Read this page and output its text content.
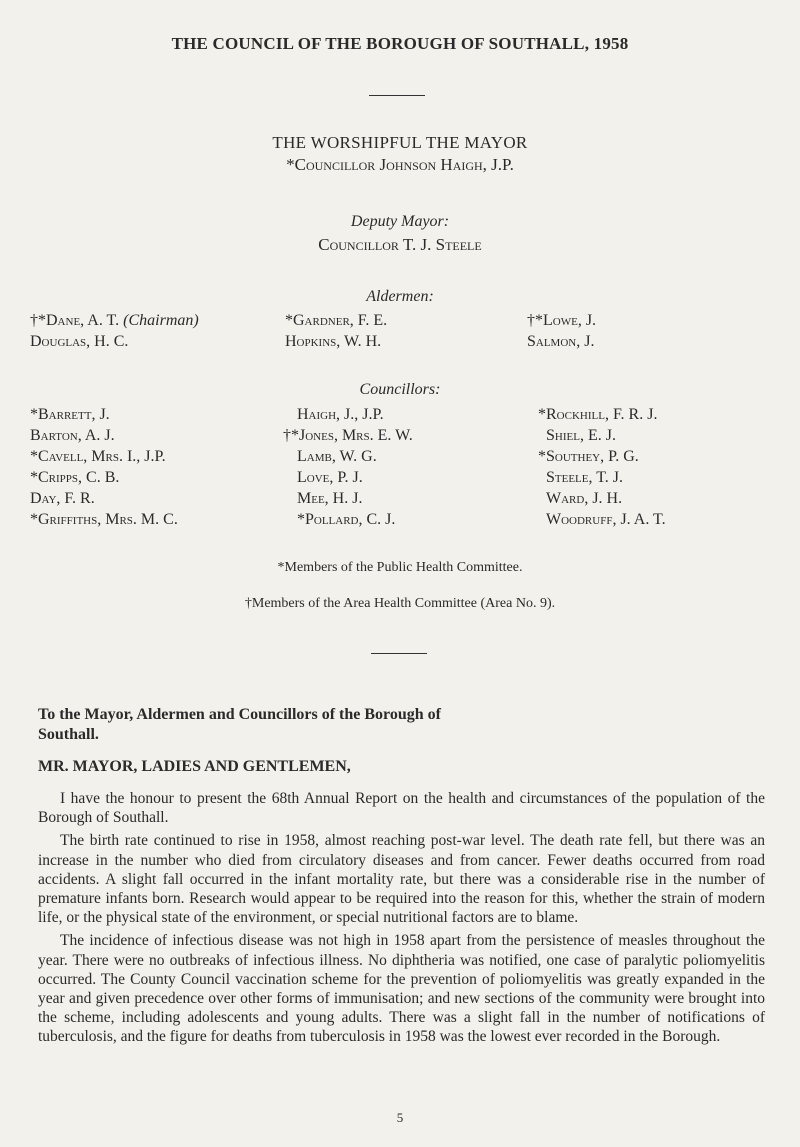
THE COUNCIL OF THE BOROUGH OF SOUTHALL, 1958
THE WORSHIPFUL THE MAYOR
*Councillor Johnson Haigh, J.P.
Deputy Mayor:
Councillor T. J. Steele
Aldermen:
†*Dane, A. T. (Chairman)
Douglas, H. C.
*Gardner, F. E.
Hopkins, W. H.
†*Lowe, J.
Salmon, J.
Councillors:
*Barrett, J.
Barton, A. J.
*Cavell, Mrs. I., J.P.
*Cripps, C. B.
Day, F. R.
*Griffiths, Mrs. M. C.
Haigh, J., J.P.
†*Jones, Mrs. E. W.
Lamb, W. G.
Love, P. J.
Mee, H. J.
*Pollard, C. J.
*Rockhill, F. R. J.
Shiel, E. J.
*Southey, P. G.
Steele, T. J.
Ward, J. H.
Woodruff, J. A. T.
*Members of the Public Health Committee.
†Members of the Area Health Committee (Area No. 9).
To the Mayor, Aldermen and Councillors of the Borough of Southall.
MR. MAYOR, LADIES AND GENTLEMEN,

I have the honour to present the 68th Annual Report on the health and circumstances of the population of the Borough of Southall.

The birth rate continued to rise in 1958, almost reaching post-war level. The death rate fell, but there was an increase in the number who died from circulatory diseases and from cancer. Fewer deaths occurred from road accidents. A slight fall occurred in the infant mortality rate, but there was a considerable rise in the number of premature infants born. Research would appear to be required into the reason for this, whether the strain of modern life, or the physical state of the environment, or special nutritional factors are to blame.

The incidence of infectious disease was not high in 1958 apart from the persistence of measles throughout the year. There were no outbreaks of infectious illness. No diphtheria was notified, one case of paralytic poliomyelitis occurred. The County Council vaccination scheme for the prevention of poliomyelitis was greatly expanded in the year and given precedence over other forms of immunisation; and new sections of the community were brought into the scheme, including adolescents and young adults. There was a slight fall in the number of notifications of tuberculosis, and the figure for deaths from tuberculosis in 1958 was the lowest ever recorded in the Borough.

5
